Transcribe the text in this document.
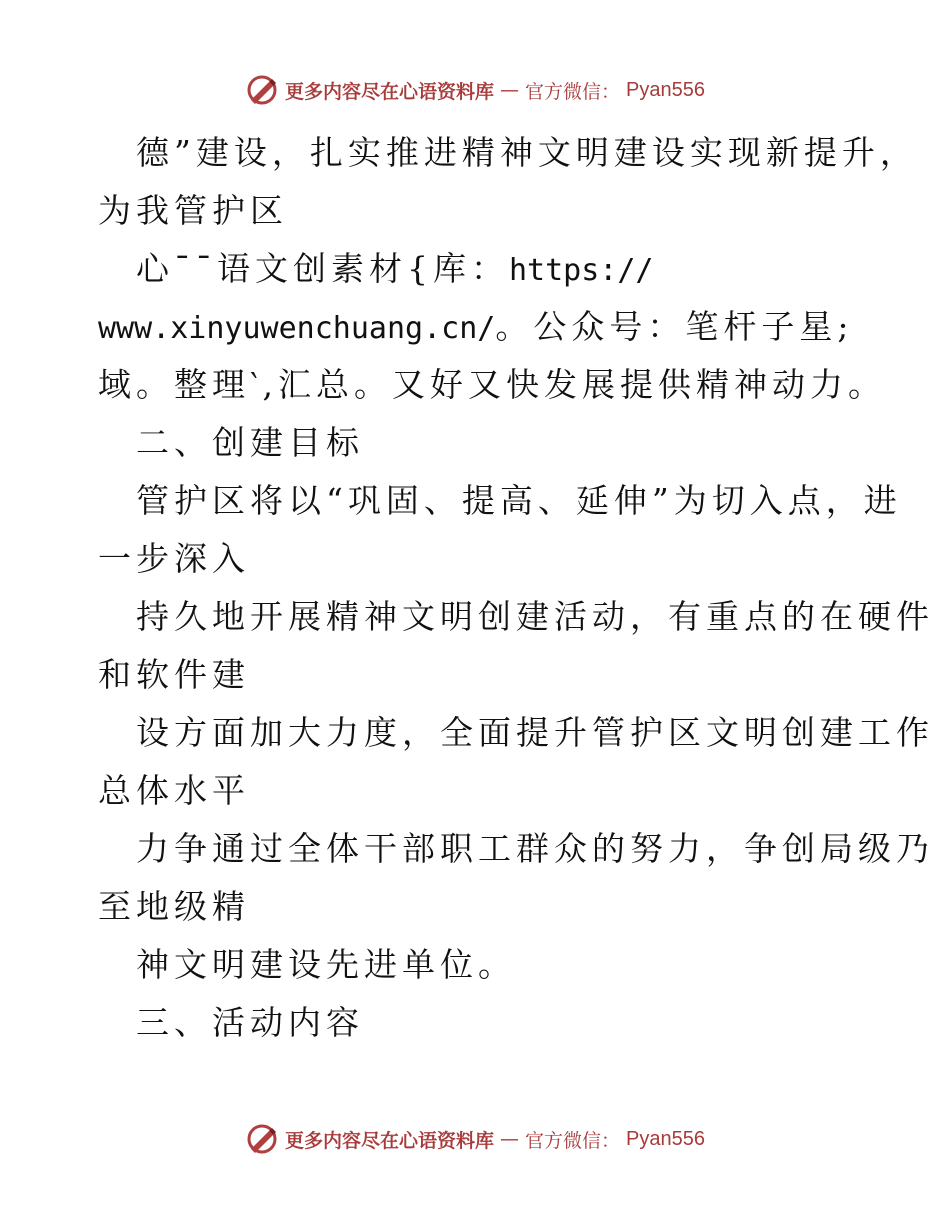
更多内容尽在心语资料库 — 官方微信： Pyan556
德”建设，扎实推进精神文明建设实现新提升，
为我管护区
心¯¯语文创素材{库：https://
www.xinyuwenchuang.cn/。公众号：笔杆子星;
域。整理‵,汇总。又好又快发展提供精神动力。
二、创建目标
管护区将以“巩固、提高、延伸”为切入点，进
一步深入
持久地开展精神文明创建活动，有重点的在硬件
和软件建
设方面加大力度，全面提升管护区文明创建工作
总体水平
力争通过全体干部职工群众的努力，争创局级乃
至地级精
神文明建设先进单位。
三、活动内容
更多内容尽在心语资料库 — 官方微信： Pyan556
